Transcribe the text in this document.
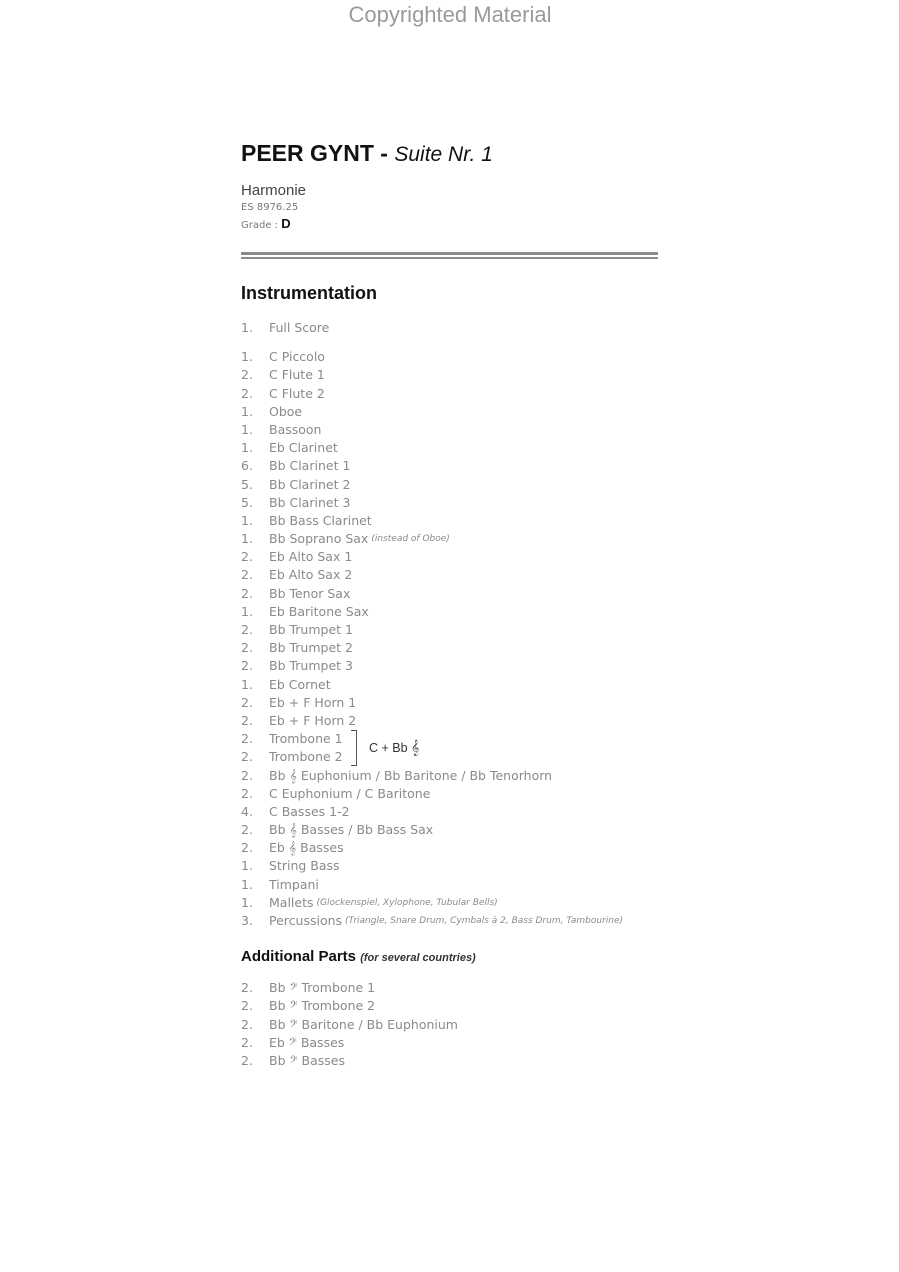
Copyrighted Material
PEER GYNT - Suite Nr. 1
Harmonie
ES 8976.25
Grade : D
Instrumentation
1.	Full Score
1.	C Piccolo
2.	C Flute 1
2.	C Flute 2
1.	Oboe
1.	Bassoon
1.	Eb Clarinet
6.	Bb Clarinet 1
5.	Bb Clarinet 2
5.	Bb Clarinet 3
1.	Bb Bass Clarinet
1.	Bb Soprano Sax (instead of Oboe)
2.	Eb Alto Sax 1
2.	Eb Alto Sax 2
2.	Bb Tenor Sax
1.	Eb Baritone Sax
2.	Bb Trumpet 1
2.	Bb Trumpet 2
2.	Bb Trumpet 3
1.	Eb Cornet
2.	Eb + F Horn 1
2.	Eb + F Horn 2
2.	Trombone 1
2.	Trombone 2
C + Bb 𝄞
2.	Bb 𝄞 Euphonium / Bb Baritone / Bb Tenorhorn
2.	C Euphonium / C Baritone
4.	C Basses 1-2
2.	Bb 𝄞 Basses / Bb Bass Sax
2.	Eb 𝄞 Basses
1.	String Bass
1.	Timpani
1.	Mallets (Glockenspiel, Xylophone, Tubular Bells)
3.	Percussions (Triangle, Snare Drum, Cymbals à 2, Bass Drum, Tambourine)
Additional Parts (for several countries)
2.	Bb 𝄢 Trombone 1
2.	Bb 𝄢 Trombone 2
2.	Bb 𝄢 Baritone / Bb Euphonium
2.	Eb 𝄢 Basses
2.	Bb 𝄢 Basses
